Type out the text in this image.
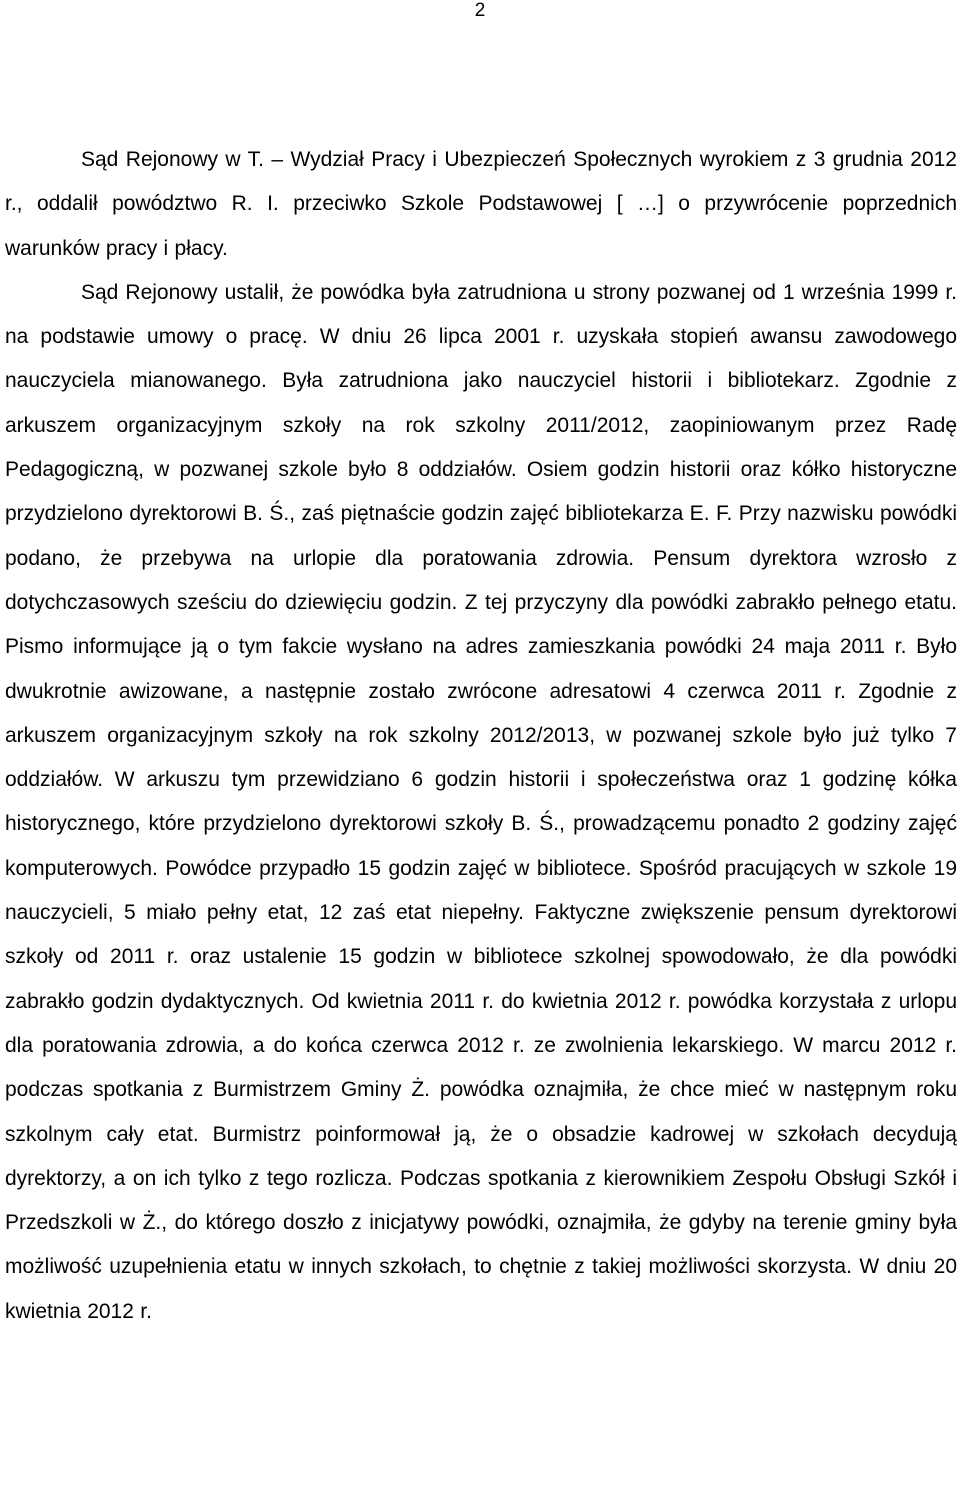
2

Sąd Rejonowy w T. – Wydział Pracy i Ubezpieczeń Społecznych wyrokiem z 3 grudnia 2012 r., oddalił powództwo R. I. przeciwko Szkole Podstawowej [ …] o przywrócenie poprzednich warunków pracy i płacy.

Sąd Rejonowy ustalił, że powódka była zatrudniona u strony pozwanej od 1 września 1999 r. na podstawie umowy o pracę. W dniu 26 lipca 2001 r. uzyskała stopień awansu zawodowego nauczyciela mianowanego. Była zatrudniona jako nauczyciel historii i bibliotekarz. Zgodnie z arkuszem organizacyjnym szkoły na rok szkolny 2011/2012, zaopiniowanym przez Radę Pedagogiczną, w pozwanej szkole było 8 oddziałów. Osiem godzin historii oraz kółko historyczne przydzielono dyrektorowi B. Ś., zaś piętnaście godzin zajęć bibliotekarza E. F. Przy nazwisku powódki podano, że przebywa na urlopie dla poratowania zdrowia. Pensum dyrektora wzrosło z dotychczasowych sześciu do dziewięciu godzin. Z tej przyczyny dla powódki zabrakło pełnego etatu. Pismo informujące ją o tym fakcie wysłano na adres zamieszkania powódki 24 maja 2011 r. Było dwukrotnie awizowane, a następnie zostało zwrócone adresatowi 4 czerwca 2011 r. Zgodnie z arkuszem organizacyjnym szkoły na rok szkolny 2012/2013, w pozwanej szkole było już tylko 7 oddziałów. W arkuszu tym przewidziano 6 godzin historii i społeczeństwa oraz 1 godzinę kółka historycznego, które przydzielono dyrektorowi szkoły B. Ś., prowadzącemu ponadto 2 godziny zajęć komputerowych. Powódce przypadło 15 godzin zajęć w bibliotece. Spośród pracujących w szkole 19 nauczycieli, 5 miało pełny etat, 12 zaś etat niepełny. Faktyczne zwiększenie pensum dyrektorowi szkoły od 2011 r. oraz ustalenie 15 godzin w bibliotece szkolnej spowodowało, że dla powódki zabrakło godzin dydaktycznych. Od kwietnia 2011 r. do kwietnia 2012 r. powódka korzystała z urlopu dla poratowania zdrowia, a do końca czerwca 2012 r. ze zwolnienia lekarskiego. W marcu 2012 r. podczas spotkania z Burmistrzem Gminy Ż. powódka oznajmiła, że chce mieć w następnym roku szkolnym cały etat. Burmistrz poinformował ją, że o obsadzie kadrowej w szkołach decydują dyrektorzy, a on ich tylko z tego rozlicza. Podczas spotkania z kierownikiem Zespołu Obsługi Szkół i Przedszkoli w Ż., do którego doszło z inicjatywy powódki, oznajmiła, że gdyby na terenie gminy była możliwość uzupełnienia etatu w innych szkołach, to chętnie z takiej możliwości skorzysta. W dniu 20 kwietnia 2012 r.
